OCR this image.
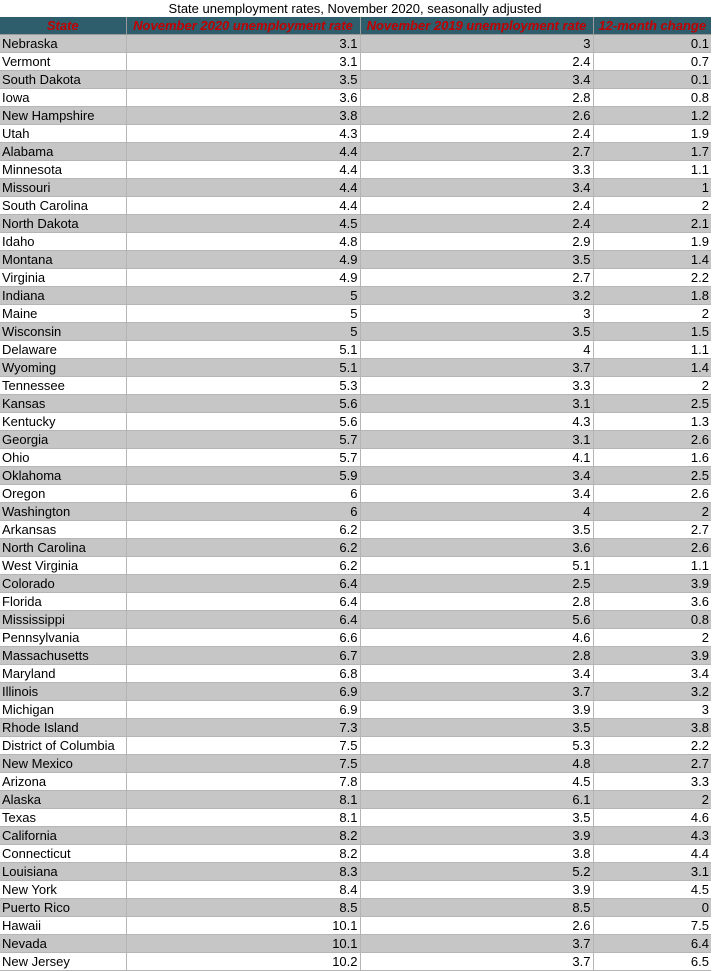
State unemployment rates, November 2020, seasonally adjusted
State	November 2020 unemployment rate	November 2019 unemployment rate	12-month change
Nebraska	3.1	3	0.1
Vermont	3.1	2.4	0.7
South Dakota	3.5	3.4	0.1
Iowa	3.6	2.8	0.8
New Hampshire	3.8	2.6	1.2
Utah	4.3	2.4	1.9
Alabama	4.4	2.7	1.7
Minnesota	4.4	3.3	1.1
Missouri	4.4	3.4	1
South Carolina	4.4	2.4	2
North Dakota	4.5	2.4	2.1
Idaho	4.8	2.9	1.9
Montana	4.9	3.5	1.4
Virginia	4.9	2.7	2.2
Indiana	5	3.2	1.8
Maine	5	3	2
Wisconsin	5	3.5	1.5
Delaware	5.1	4	1.1
Wyoming	5.1	3.7	1.4
Tennessee	5.3	3.3	2
Kansas	5.6	3.1	2.5
Kentucky	5.6	4.3	1.3
Georgia	5.7	3.1	2.6
Ohio	5.7	4.1	1.6
Oklahoma	5.9	3.4	2.5
Oregon	6	3.4	2.6
Washington	6	4	2
Arkansas	6.2	3.5	2.7
North Carolina	6.2	3.6	2.6
West Virginia	6.2	5.1	1.1
Colorado	6.4	2.5	3.9
Florida	6.4	2.8	3.6
Mississippi	6.4	5.6	0.8
Pennsylvania	6.6	4.6	2
Massachusetts	6.7	2.8	3.9
Maryland	6.8	3.4	3.4
Illinois	6.9	3.7	3.2
Michigan	6.9	3.9	3
Rhode Island	7.3	3.5	3.8
District of Columbia	7.5	5.3	2.2
New Mexico	7.5	4.8	2.7
Arizona	7.8	4.5	3.3
Alaska	8.1	6.1	2
Texas	8.1	3.5	4.6
California	8.2	3.9	4.3
Connecticut	8.2	3.8	4.4
Louisiana	8.3	5.2	3.1
New York	8.4	3.9	4.5
Puerto Rico	8.5	8.5	0
Hawaii	10.1	2.6	7.5
Nevada	10.1	3.7	6.4
New Jersey	10.2	3.7	6.5
